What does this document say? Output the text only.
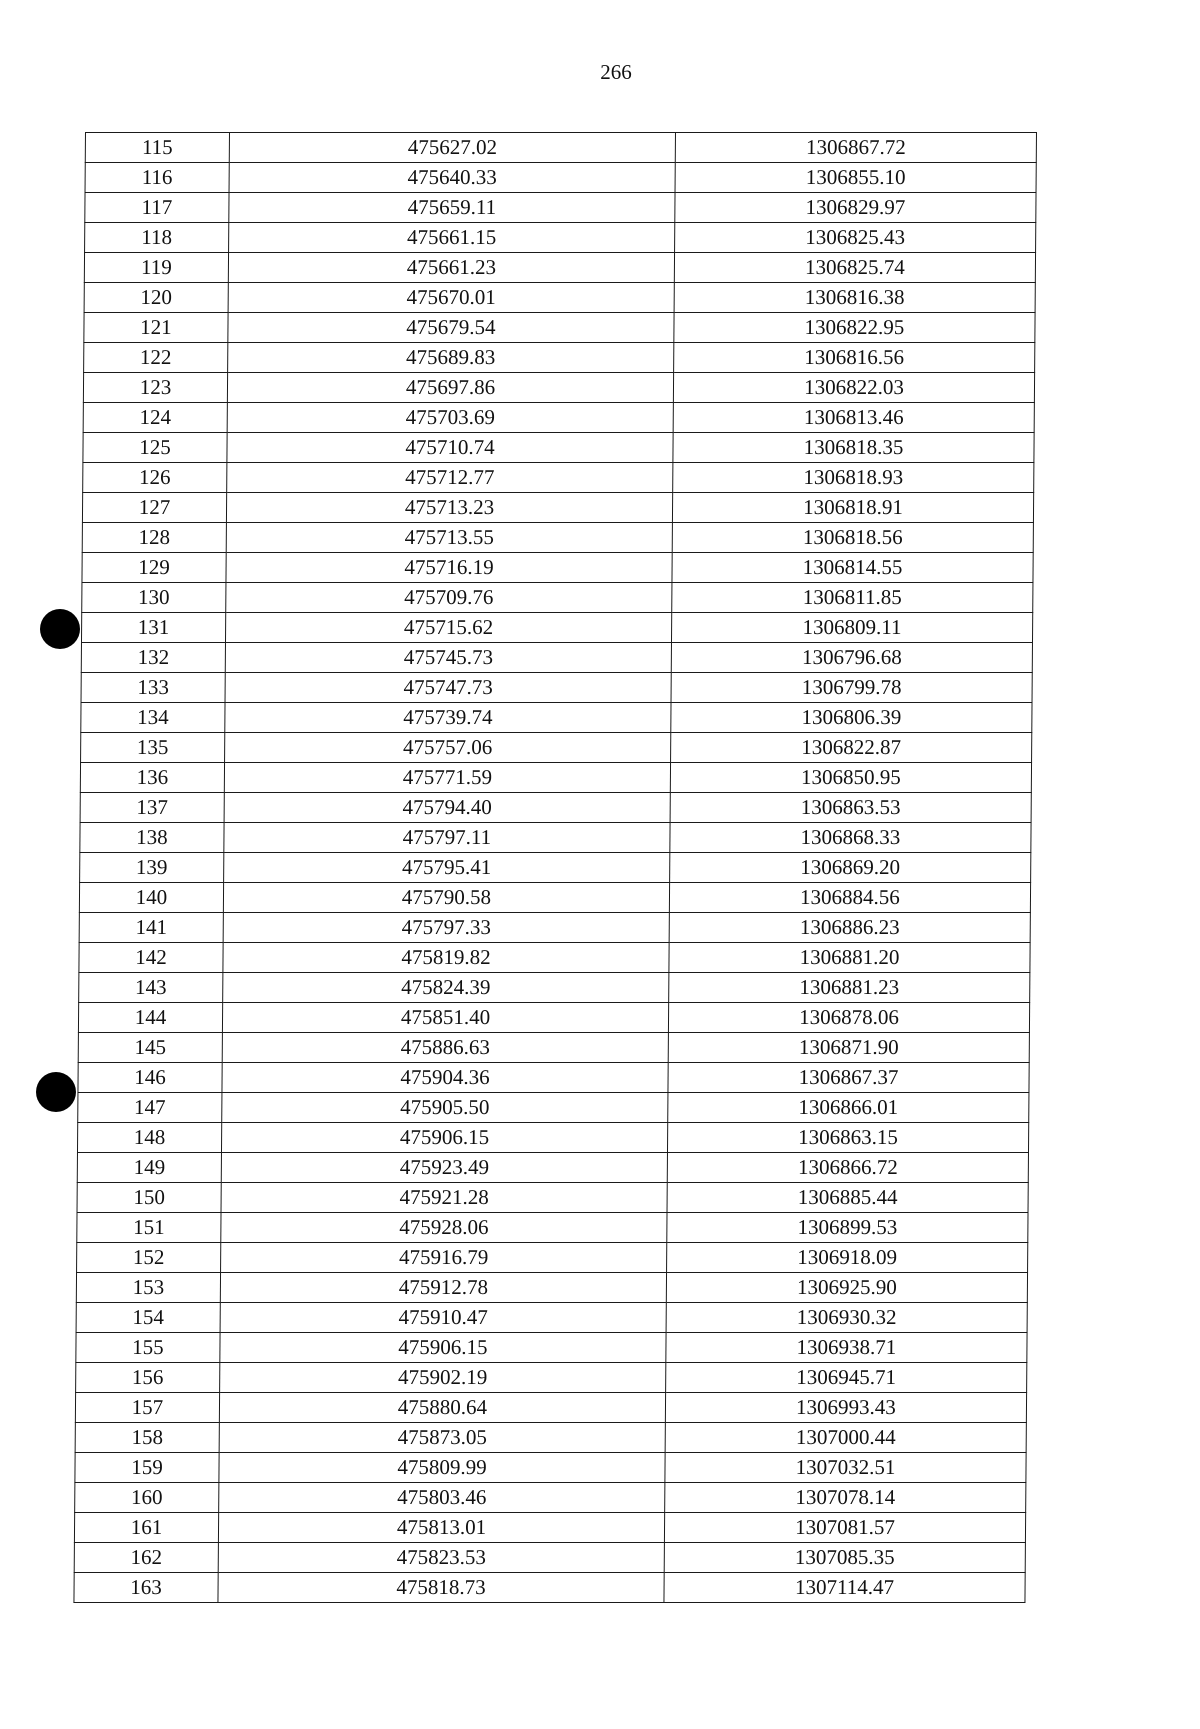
266
115	475627.02	1306867.72
116	475640.33	1306855.10
117	475659.11	1306829.97
118	475661.15	1306825.43
119	475661.23	1306825.74
120	475670.01	1306816.38
121	475679.54	1306822.95
122	475689.83	1306816.56
123	475697.86	1306822.03
124	475703.69	1306813.46
125	475710.74	1306818.35
126	475712.77	1306818.93
127	475713.23	1306818.91
128	475713.55	1306818.56
129	475716.19	1306814.55
130	475709.76	1306811.85
131	475715.62	1306809.11
132	475745.73	1306796.68
133	475747.73	1306799.78
134	475739.74	1306806.39
135	475757.06	1306822.87
136	475771.59	1306850.95
137	475794.40	1306863.53
138	475797.11	1306868.33
139	475795.41	1306869.20
140	475790.58	1306884.56
141	475797.33	1306886.23
142	475819.82	1306881.20
143	475824.39	1306881.23
144	475851.40	1306878.06
145	475886.63	1306871.90
146	475904.36	1306867.37
147	475905.50	1306866.01
148	475906.15	1306863.15
149	475923.49	1306866.72
150	475921.28	1306885.44
151	475928.06	1306899.53
152	475916.79	1306918.09
153	475912.78	1306925.90
154	475910.47	1306930.32
155	475906.15	1306938.71
156	475902.19	1306945.71
157	475880.64	1306993.43
158	475873.05	1307000.44
159	475809.99	1307032.51
160	475803.46	1307078.14
161	475813.01	1307081.57
162	475823.53	1307085.35
163	475818.73	1307114.47
